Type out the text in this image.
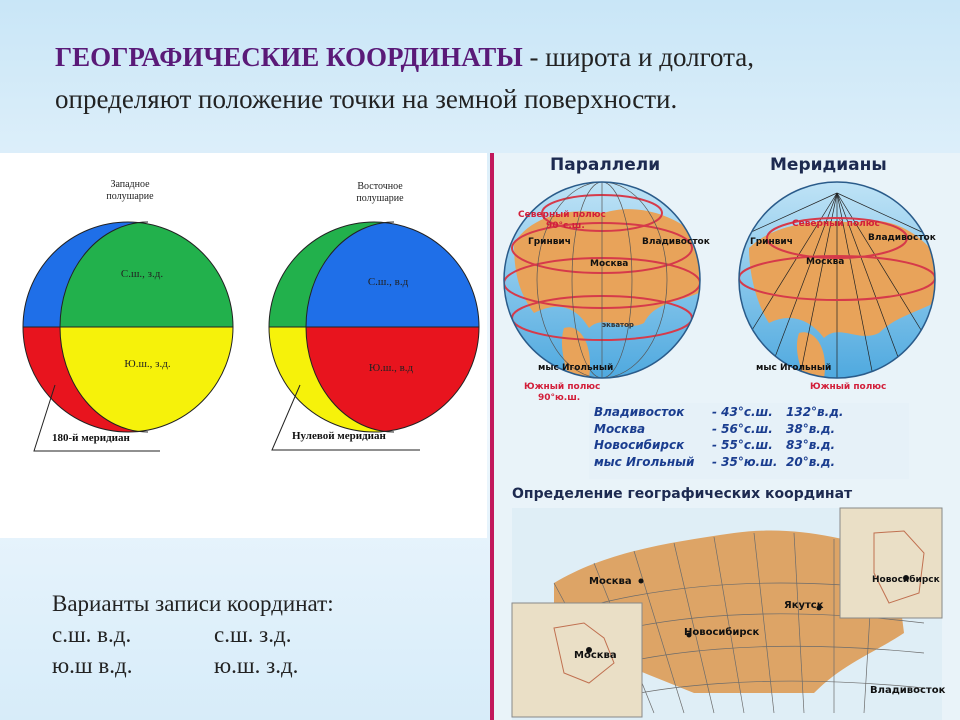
ГЕОГРАФИЧЕСКИЕ КООРДИНАТЫ - широта и долгота,
определяют положение точки на земной поверхности.
Западное
полушарие
Восточное
полушарие
С.ш., з.д.
Ю.ш., з.д.
С.ш., в.д
Ю.ш., в.д
180-й меридиан	Нулевой меридиан
Варианты записи координат:
с.ш. в.д.	с.ш. з.д.
ю.ш в.д.	ю.ш. з.д.
Параллели	Меридианы
Северный полюс
90°с.ш.
Гринвич	Владивосток
Москва
экватор
мыс Игольный
Южный полюс
90°ю.ш.
Северный полюс
Гринвич	Владивосток
Москва
мыс Игольный
Южный полюс
Владивосток - 43°с.ш. 132°в.д.
Москва	- 56°с.ш. 38°в.д.
Новосибирск - 55°с.ш. 83°в.д.
мыс Игольный - 35°ю.ш. 20°в.д.
Определение географических координат
Москва
Якутск
Новосибирск
Владивосток
Москва
Новосибирск
